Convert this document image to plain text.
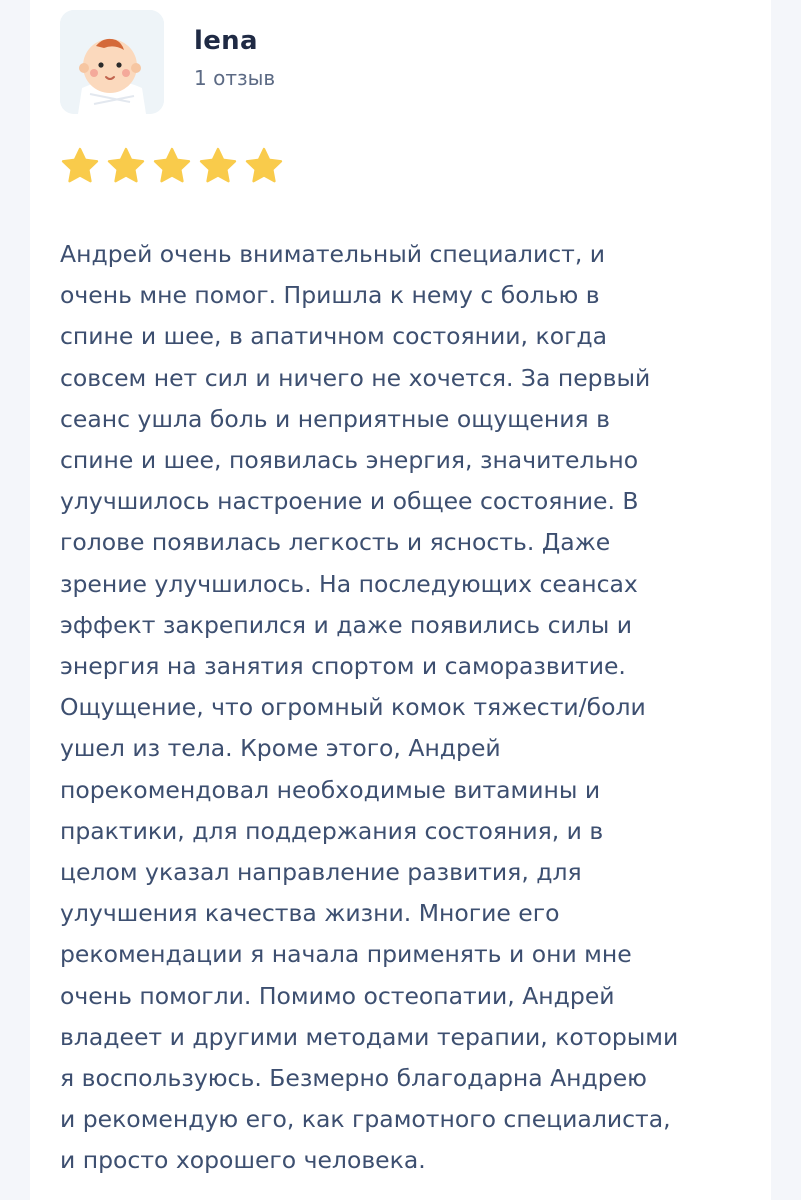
lena
1 отзыв

Андрей очень внимательный специалист, и
очень мне помог. Пришла к нему с болью в
спине и шее, в апатичном состоянии, когда
совсем нет сил и ничего не хочется. За первый
сеанс ушла боль и неприятные ощущения в
спине и шее, появилась энергия, значительно
улучшилось настроение и общее состояние. В
голове появилась легкость и ясность. Даже
зрение улучшилось. На последующих сеансах
эффект закрепился и даже появились силы и
энергия на занятия спортом и саморазвитие.
Ощущение, что огромный комок тяжести/боли
ушел из тела. Кроме этого, Андрей
порекомендовал необходимые витамины и
практики, для поддержания состояния, и в
целом указал направление развития, для
улучшения качества жизни. Многие его
рекомендации я начала применять и они мне
очень помогли. Помимо остеопатии, Андрей
владеет и другими методами терапии, которыми
я воспользуюсь. Безмерно благодарна Андрею
и рекомендую его, как грамотного специалиста,
и просто хорошего человека.
